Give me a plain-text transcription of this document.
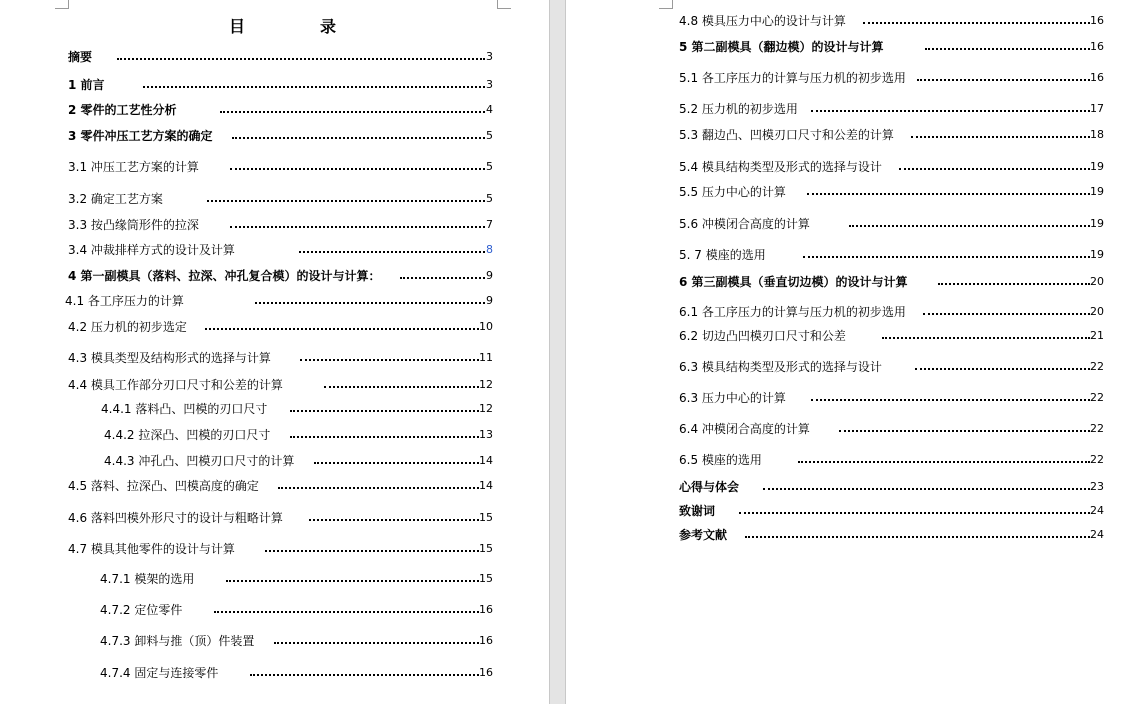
目	录
摘要	3
1 前言	3
2 零件的工艺性分析	4
3 零件冲压工艺方案的确定	5
3.1 冲压工艺方案的计算	5
3.2 确定工艺方案	5
3.3 按凸缘筒形件的拉深	7
3.4 冲裁排样方式的设计及计算	8
4 第一副模具（落料、拉深、冲孔复合模）的设计与计算：	9
4.1 各工序压力的计算	9
4.2 压力机的初步选定	10
4.3 模具类型及结构形式的选择与计算	11
4.4 模具工作部分刃口尺寸和公差的计算	12
4.4.1 落料凸、凹模的刃口尺寸	12
4.4.2 拉深凸、凹模的刃口尺寸	13
4.4.3 冲孔凸、凹模刃口尺寸的计算	14
4.5 落料、拉深凸、凹模高度的确定	14
4.6 落料凹模外形尺寸的设计与粗略计算	15
4.7 模具其他零件的设计与计算	15
4.7.1 模架的选用	15
4.7.2 定位零件	16
4.7.3 卸料与推（顶）件装置	16
4.7.4 固定与连接零件	16
4.8 模具压力中心的设计与计算	16
5 第二副模具（翻边模）的设计与计算	16
5.1 各工序压力的计算与压力机的初步选用	16
5.2 压力机的初步选用	17
5.3 翻边凸、凹模刃口尺寸和公差的计算	18
5.4 模具结构类型及形式的选择与设计	19
5.5 压力中心的计算	19
5.6 冲模闭合高度的计算	19
5. 7 模座的选用	19
6 第三副模具（垂直切边模）的设计与计算	20
6.1 各工序压力的计算与压力机的初步选用	20
6.2 切边凸凹模刃口尺寸和公差	21
6.3 模具结构类型及形式的选择与设计	22
6.3 压力中心的计算	22
6.4 冲模闭合高度的计算	22
6.5 模座的选用	22
心得与体会	23
致谢词	24
参考文献	24
